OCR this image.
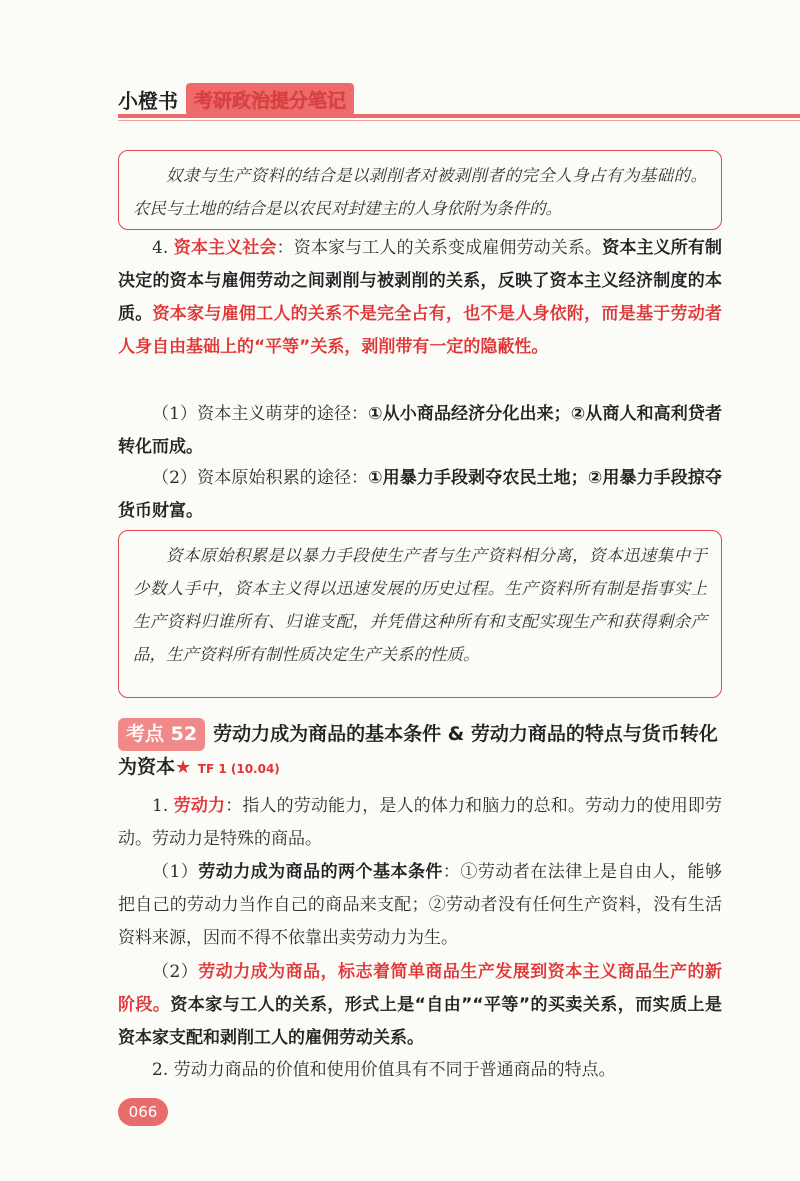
小橙书 考研政治提分笔记

奴隶与生产资料的结合是以剥削者对被剥削者的完全人身占有为基础的。农民与土地的结合是以农民对封建主的人身依附为条件的。

4. 资本主义社会：资本家与工人的关系变成雇佣劳动关系。资本主义所有制决定的资本与雇佣劳动之间剥削与被剥削的关系，反映了资本主义经济制度的本质。资本家与雇佣工人的关系不是完全占有，也不是人身依附，而是基于劳动者人身自由基础上的“平等”关系，剥削带有一定的隐蔽性。

（1）资本主义萌芽的途径：①从小商品经济分化出来；②从商人和高利贷者转化而成。

（2）资本原始积累的途径：①用暴力手段剥夺农民土地；②用暴力手段掠夺货币财富。

资本原始积累是以暴力手段使生产者与生产资料相分离，资本迅速集中于少数人手中，资本主义得以迅速发展的历史过程。生产资料所有制是指事实上生产资料归谁所有、归谁支配，并凭借这种所有和支配实现生产和获得剩余产品，生产资料所有制性质决定生产关系的性质。

考点 52 劳动力成为商品的基本条件 & 劳动力商品的特点与货币转化为资本★ TF 1 (10.04)

1. 劳动力：指人的劳动能力，是人的体力和脑力的总和。劳动力的使用即劳动。劳动力是特殊的商品。

（1）劳动力成为商品的两个基本条件：①劳动者在法律上是自由人，能够把自己的劳动力当作自己的商品来支配；②劳动者没有任何生产资料，没有生活资料来源，因而不得不依靠出卖劳动力为生。

（2）劳动力成为商品，标志着简单商品生产发展到资本主义商品生产的新阶段。资本家与工人的关系，形式上是“自由”“平等”的买卖关系，而实质上是资本家支配和剥削工人的雇佣劳动关系。

2. 劳动力商品的价值和使用价值具有不同于普通商品的特点。

066
